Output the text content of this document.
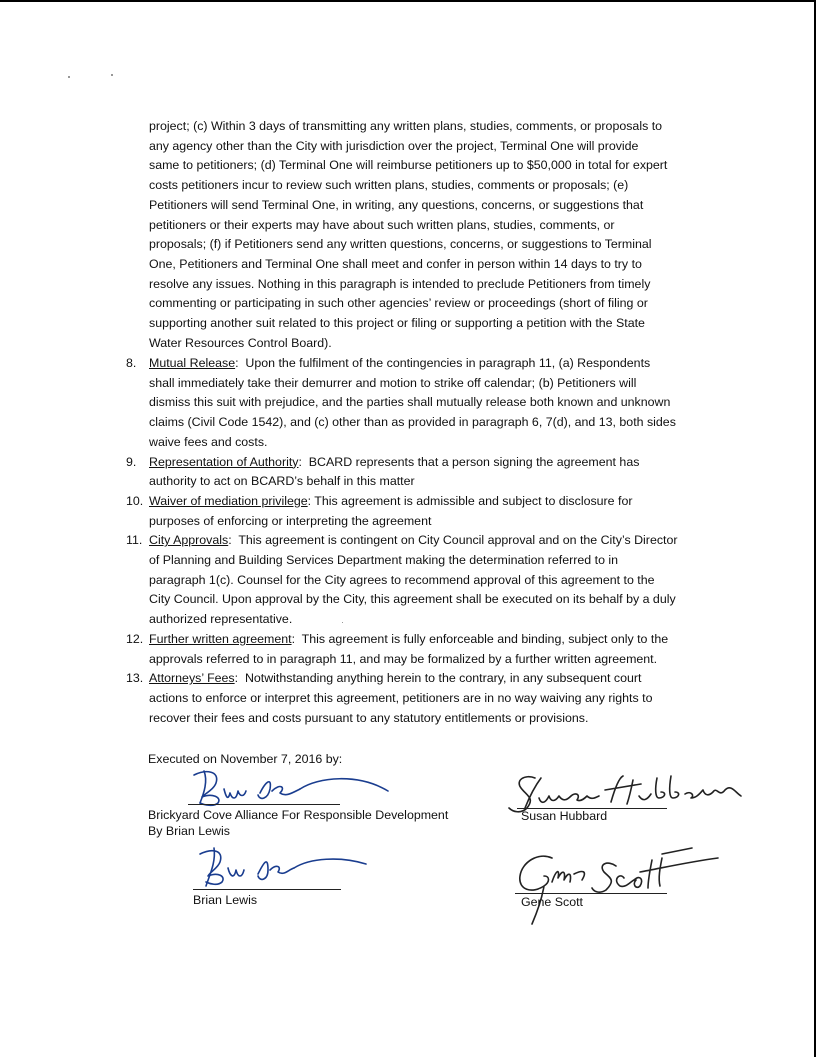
project; (c) Within 3 days of transmitting any written plans, studies, comments, or proposals to
any agency other than the City with jurisdiction over the project, Terminal One will provide
same to petitioners; (d) Terminal One will reimburse petitioners up to $50,000 in total for expert
costs petitioners incur to review such written plans, studies, comments or proposals; (e)
Petitioners will send Terminal One, in writing, any questions, concerns, or suggestions that
petitioners or their experts may have about such written plans, studies, comments, or
proposals; (f) if Petitioners send any written questions, concerns, or suggestions to Terminal
One, Petitioners and Terminal One shall meet and confer in person within 14 days to try to
resolve any issues. Nothing in this paragraph is intended to preclude Petitioners from timely
commenting or participating in such other agencies’ review or proceedings (short of filing or
supporting another suit related to this project or filing or supporting a petition with the State
Water Resources Control Board).
8.	Mutual Release:  Upon the fulfilment of the contingencies in paragraph 11, (a) Respondents
shall immediately take their demurrer and motion to strike off calendar; (b) Petitioners will
dismiss this suit with prejudice, and the parties shall mutually release both known and unknown
claims (Civil Code 1542), and (c) other than as provided in paragraph 6, 7(d), and 13, both sides
waive fees and costs.
9.	Representation of Authority:  BCARD represents that a person signing the agreement has
authority to act on BCARD’s behalf in this matter
10. Waiver of mediation privilege: This agreement is admissible and subject to disclosure for
purposes of enforcing or interpreting the agreement
11. City Approvals:  This agreement is contingent on City Council approval and on the City’s Director
of Planning and Building Services Department making the determination referred to in
paragraph 1(c). Counsel for the City agrees to recommend approval of this agreement to the
City Council. Upon approval by the City, this agreement shall be executed on its behalf by a duly
authorized representative.
12. Further written agreement:  This agreement is fully enforceable and binding, subject only to the
approvals referred to in paragraph 11, and may be formalized by a further written agreement.
13. Attorneys’ Fees:  Notwithstanding anything herein to the contrary, in any subsequent court
actions to enforce or interpret this agreement, petitioners are in no way waiving any rights to
recover their fees and costs pursuant to any statutory entitlements or provisions.
Executed on November 7, 2016 by:
Brickyard Cove Alliance For Responsible Development
By Brian Lewis
Brian Lewis
Susan Hubbard
Gene Scott
